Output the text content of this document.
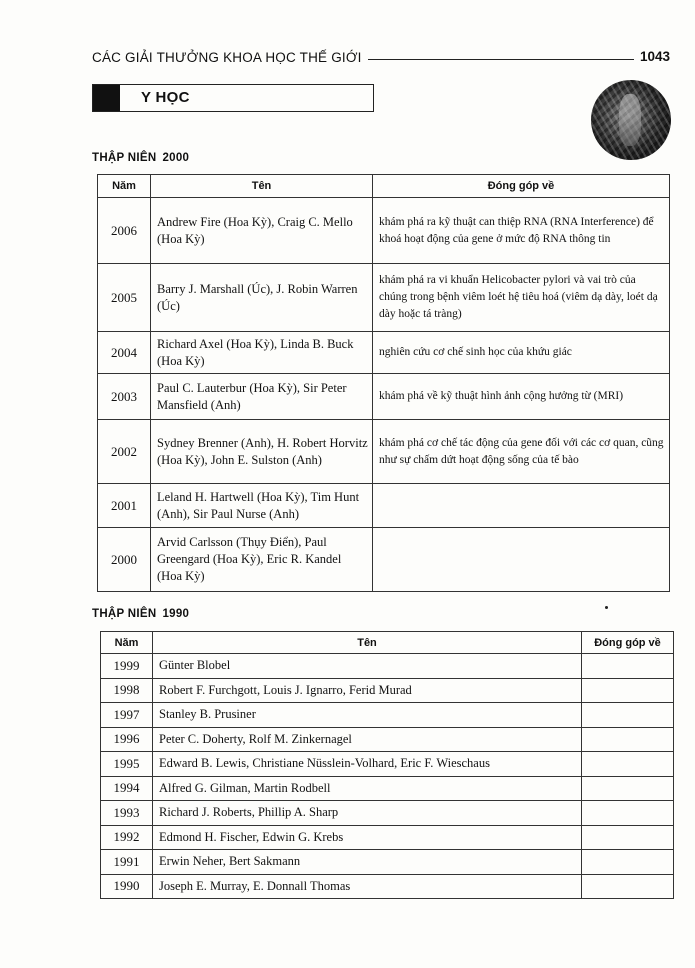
CÁC GIẢI THƯỞNG KHOA HỌC THẾ GIỚI	1043
Y HỌC
THẬP NIÊN 2000
Năm	Tên	Đóng góp về
2006	Andrew Fire (Hoa Kỳ), Craig C. Mello (Hoa Kỳ)	khám phá ra kỹ thuật can thiệp RNA (RNA Interference) để khoá hoạt động của gene ở mức độ RNA thông tin
2005	Barry J. Marshall (Úc), J. Robin Warren (Úc)	khám phá ra vi khuẩn Helicobacter pylori và vai trò của chúng trong bệnh viêm loét hệ tiêu hoá (viêm dạ dày, loét dạ dày hoặc tá tràng)
2004	Richard Axel (Hoa Kỳ), Linda B. Buck (Hoa Kỳ)	nghiên cứu cơ chế sinh học của khứu giác
2003	Paul C. Lauterbur (Hoa Kỳ), Sir Peter Mansfield (Anh)	khám phá về kỹ thuật hình ảnh cộng hưởng từ (MRI)
2002	Sydney Brenner (Anh), H. Robert Horvitz (Hoa Kỳ), John E. Sulston (Anh)	khám phá cơ chế tác động của gene đối với các cơ quan, cũng như sự chấm dứt hoạt động sống của tế bào
2001	Leland H. Hartwell (Hoa Kỳ), Tim Hunt (Anh), Sir Paul Nurse (Anh)	
2000	Arvid Carlsson (Thụy Điển), Paul Greengard (Hoa Kỳ), Eric R. Kandel (Hoa Kỳ)	
THẬP NIÊN 1990
Năm	Tên	Đóng góp về
1999	Günter Blobel	
1998	Robert F. Furchgott, Louis J. Ignarro, Ferid Murad	
1997	Stanley B. Prusiner	
1996	Peter C. Doherty, Rolf M. Zinkernagel	
1995	Edward B. Lewis, Christiane Nüsslein-Volhard, Eric F. Wieschaus	
1994	Alfred G. Gilman, Martin Rodbell	
1993	Richard J. Roberts, Phillip A. Sharp	
1992	Edmond H. Fischer, Edwin G. Krebs	
1991	Erwin Neher, Bert Sakmann	
1990	Joseph E. Murray, E. Donnall Thomas	
